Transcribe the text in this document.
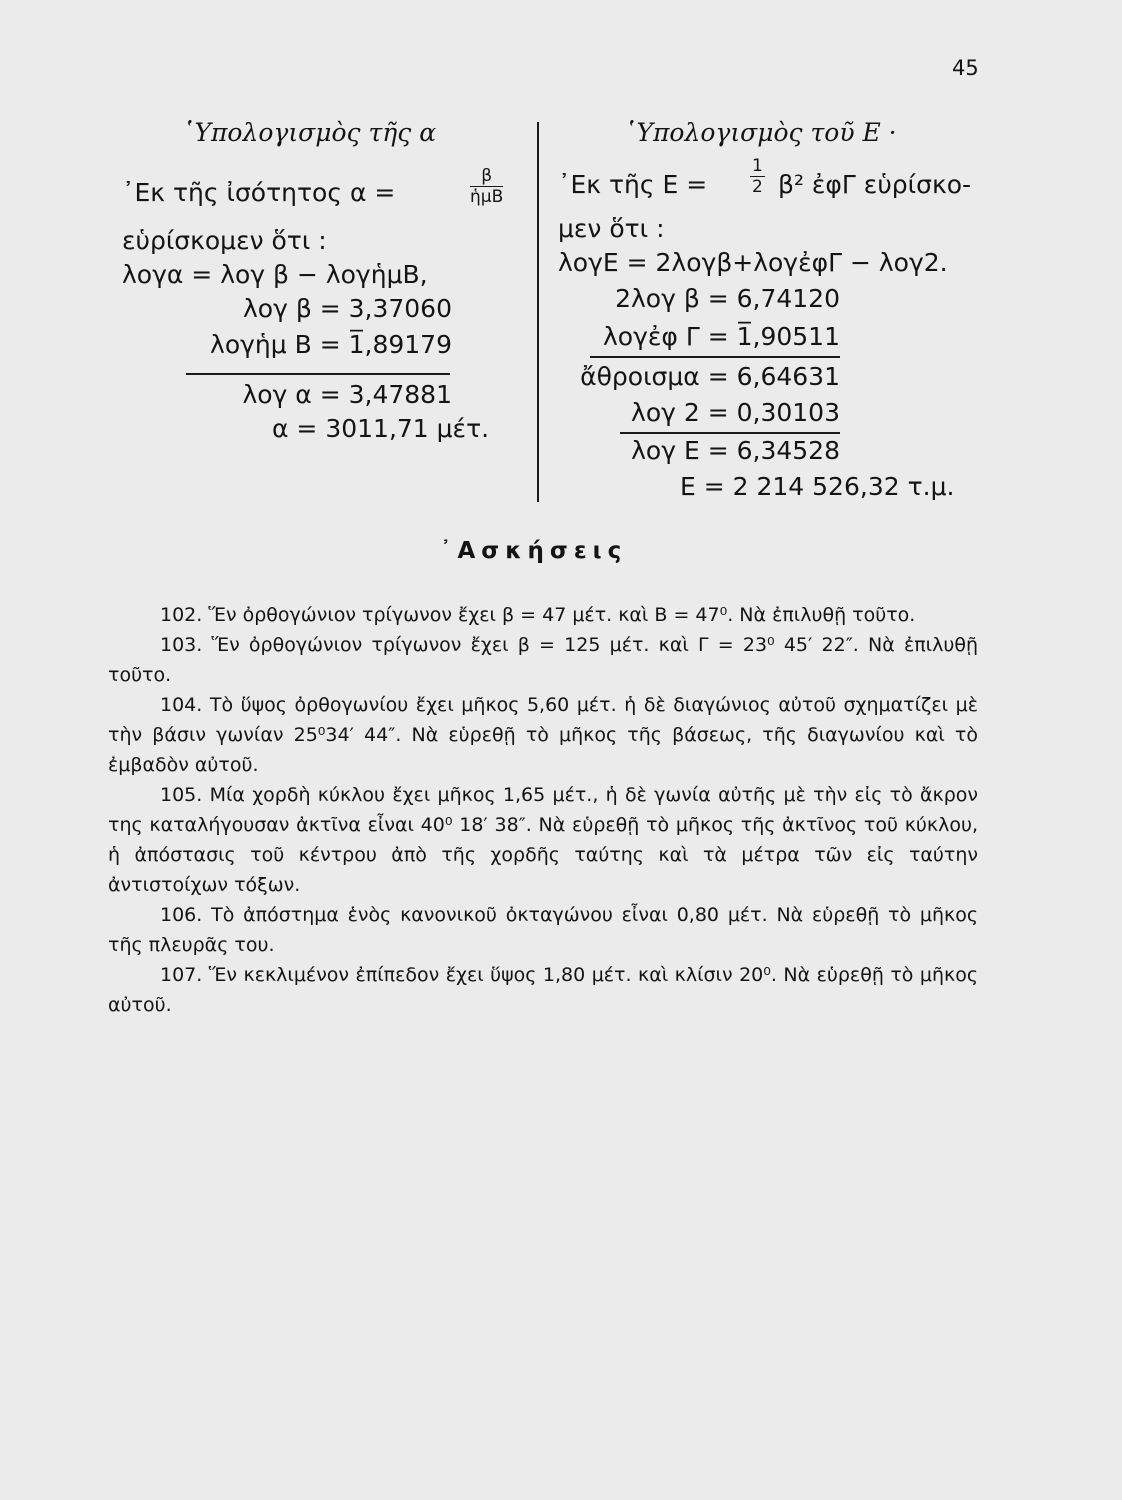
45
῾Υπολογισμὸς τῆς α
᾿Εκ τῆς ἰσότητος α =
β
ἡμΒ
εὑρίσκομεν ὅτι :
λογα = λογ β − λογἡμΒ,
λογ β = 3,37060
λογἡμ Β = 1̅,89179
λογ α = 3,47881
α = 3011,71 μέτ.
῾Υπολογισμὸς τοῦ Ε ·
᾿Εκ τῆς Ε =	$\frac{1}{2} \beta^2$ ἐφΓ εὑρίσκο-
μεν ὅτι :
λογΕ = 2λογβ+λογἐφΓ − λογ2.
2λογ β = 6,74120
λογἐφ Γ = 1̅,90511
ἄθροισμα = 6,64631
λογ 2 = 0,30103
λογ Ε = 6,34528
Ε = 2 214 526,32 τ.μ.
᾿Ασκήσεις

102. Ἕν ὀρθογώνιον τρίγωνον ἔχει β = 47 μέτ. καὶ Β = 47⁰. Νὰ ἐπιλυθῇ τοῦτο.

103. Ἕν ὀρθογώνιον τρίγωνον ἔχει β = 125 μέτ. καὶ Γ = 23⁰ 45′ 22″. Νὰ ἐπιλυθῇ τοῦτο.

104. Τὸ ὕψος ὀρθογωνίου ἔχει μῆκος 5,60 μέτ. ἡ δὲ διαγώνιος αὐτοῦ σχηματίζει μὲ τὴν βάσιν γωνίαν 25⁰34′ 44″. Νὰ εὑρεθῇ τὸ μῆκος τῆς βάσεως, τῆς διαγωνίου καὶ τὸ ἐμβαδὸν αὐτοῦ.

105. Μία χορδὴ κύκλου ἔχει μῆκος 1,65 μέτ., ἡ δὲ γωνία αὐτῆς μὲ τὴν εἰς τὸ ἄκρον της καταλήγουσαν ἀκτῖνα εἶναι 40⁰ 18′ 38″. Νὰ εὑρεθῇ τὸ μῆκος τῆς ἀκτῖνος τοῦ κύκλου, ἡ ἀπόστασις τοῦ κέντρου ἀπὸ τῆς χορδῆς ταύτης καὶ τὰ μέτρα τῶν εἰς ταύτην ἀντιστοίχων τόξων.

106. Τὸ ἀπόστημα ἑνὸς κανονικοῦ ὀκταγώνου εἶναι 0,80 μέτ. Νὰ εὑρεθῇ τὸ μῆκος τῆς πλευρᾶς του.

107. Ἕν κεκλιμένον ἐπίπεδον ἔχει ὕψος 1,80 μέτ. καὶ κλίσιν 20⁰. Νὰ εὑρεθῇ τὸ μῆκος αὐτοῦ.
